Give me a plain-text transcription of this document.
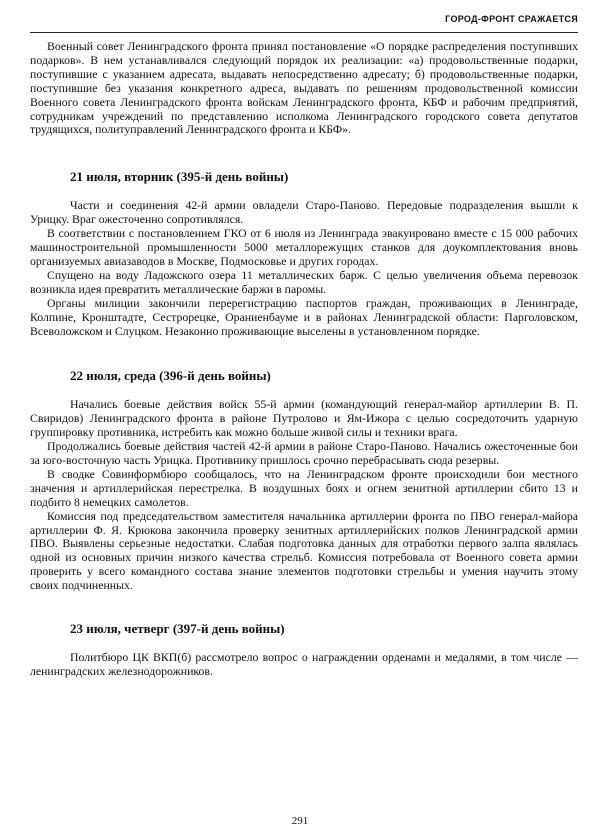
ГОРОД-ФРОНТ СРАЖАЕТСЯ

Военный совет Ленинградского фронта принял постановление «О порядке распределения поступивших подарков». В нем устанавливался следующий порядок их реализации: «а) продовольственные подарки, поступившие с указанием адресата, выдавать непосредственно адресату; б) продовольственные подарки, поступившие без указания конкретного адреса, выдавать по решениям продовольственной комиссии Военного совета Ленинградского фронта войскам Ленинградского фронта, КБФ и рабочим предприятий, сотрудникам учреждений по представлению исполкома Ленинградского городского совета депутатов трудящихся, политуправлений Ленинградского фронта и КБФ».

21 июля, вторник (395-й день войны)

Части и соединения 42-й армии овладели Старо-Паново. Передовые подразделения вышли к Урицку. Враг ожесточенно сопротивлялся.

В соответствии с постановлением ГКО от 6 июля из Ленинграда эвакуировано вместе с 15 000 рабочих машиностроительной промышленности 5000 металлорежущих станков для доукомплектования вновь организуемых авиазаводов в Москве, Подмосковье и других городах.

Спущено на воду Ладожского озера 11 металлических барж. С целью увеличения объема перевозок возникла идея превратить металлические баржи в паромы.

Органы милиции закончили перерегистрацию паспортов граждан, проживающих в Ленинграде, Колпине, Кронштадте, Сестрорецке, Ораниенбауме и в районах Ленинградской области: Парголовском, Всеволожском и Слуцком. Незаконно проживающие выселены в установленном порядке.

22 июля, среда (396-й день войны)

Начались боевые действия войск 55-й армии (командующий генерал-майор артиллерии В. П. Свиридов) Ленинградского фронта в районе Путролово и Ям-Ижора с целью сосредоточить ударную группировку противника, истребить как можно больше живой силы и техники врага.

Продолжались боевые действия частей 42-й армии в районе Старо-Паново. Начались ожесточенные бои за юго-восточную часть Урицка. Противнику пришлось срочно перебрасывать сюда резервы.

В сводке Совинформбюро сообщалось, что на Ленинградском фронте происходили бои местного значения и артиллерийская перестрелка. В воздушных боях и огнем зенитной артиллерии сбито 13 и подбито 8 немецких самолетов.

Комиссия под председательством заместителя начальника артиллерии фронта по ПВО генерал-майора артиллерии Ф. Я. Крюкова закончила проверку зенитных артиллерийских полков Ленинградской армии ПВО. Выявлены серьезные недостатки. Слабая подготовка данных для отработки первого залпа являлась одной из основных причин низкого качества стрельб. Комиссия потребовала от Военного совета армии проверить у всего командного состава знание элементов подготовки стрельбы и умения научить этому своих подчиненных.

23 июля, четверг (397-й день войны)

Политбюро ЦК ВКП(б) рассмотрело вопрос о награждении орденами и медалями, в том числе — ленинградских железнодорожников.

291
